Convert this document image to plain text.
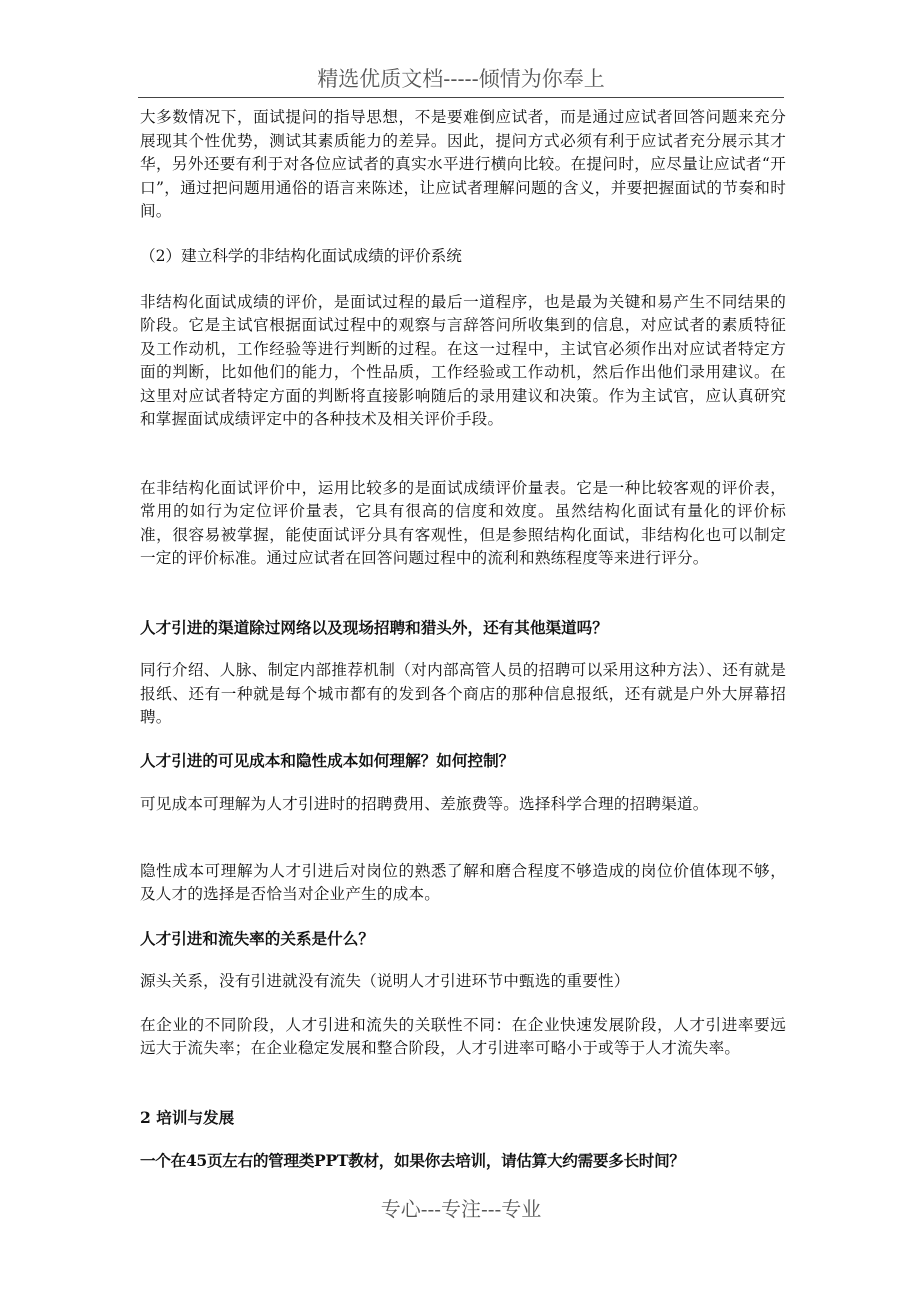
精选优质文档-----倾情为你奉上

大多数情况下，面试提问的指导思想，不是要难倒应试者，而是通过应试者回答问题来充分展现其个性优势，测试其素质能力的差异。因此，提问方式必须有利于应试者充分展示其才华，另外还要有利于对各位应试者的真实水平进行横向比较。在提问时，应尽量让应试者“开口”，通过把问题用通俗的语言来陈述，让应试者理解问题的含义，并要把握面试的节奏和时间。

（2）建立科学的非结构化面试成绩的评价系统

非结构化面试成绩的评价，是面试过程的最后一道程序，也是最为关键和易产生不同结果的阶段。它是主试官根据面试过程中的观察与言辞答问所收集到的信息，对应试者的素质特征及工作动机，工作经验等进行判断的过程。在这一过程中，主试官必须作出对应试者特定方面的判断，比如他们的能力，个性品质，工作经验或工作动机，然后作出他们录用建议。在这里对应试者特定方面的判断将直接影响随后的录用建议和决策。作为主试官，应认真研究和掌握面试成绩评定中的各种技术及相关评价手段。

在非结构化面试评价中，运用比较多的是面试成绩评价量表。它是一种比较客观的评价表，常用的如行为定位评价量表，它具有很高的信度和效度。虽然结构化面试有量化的评价标准，很容易被掌握，能使面试评分具有客观性，但是参照结构化面试，非结构化也可以制定一定的评价标准。通过应试者在回答问题过程中的流利和熟练程度等来进行评分。

人才引进的渠道除过网络以及现场招聘和猎头外，还有其他渠道吗？

同行介绍、人脉、制定内部推荐机制（对内部高管人员的招聘可以采用这种方法）、还有就是报纸、还有一种就是每个城市都有的发到各个商店的那种信息报纸，还有就是户外大屏幕招聘。

人才引进的可见成本和隐性成本如何理解？如何控制？

可见成本可理解为人才引进时的招聘费用、差旅费等。选择科学合理的招聘渠道。

隐性成本可理解为人才引进后对岗位的熟悉了解和磨合程度不够造成的岗位价值体现不够，及人才的选择是否恰当对企业产生的成本。

人才引进和流失率的关系是什么？

源头关系，没有引进就没有流失（说明人才引进环节中甄选的重要性）

在企业的不同阶段，人才引进和流失的关联性不同：在企业快速发展阶段，人才引进率要远远大于流失率；在企业稳定发展和整合阶段，人才引进率可略小于或等于人才流失率。

2 培训与发展

一个在45页左右的管理类PPT教材，如果你去培训，请估算大约需要多长时间？

专心---专注---专业
